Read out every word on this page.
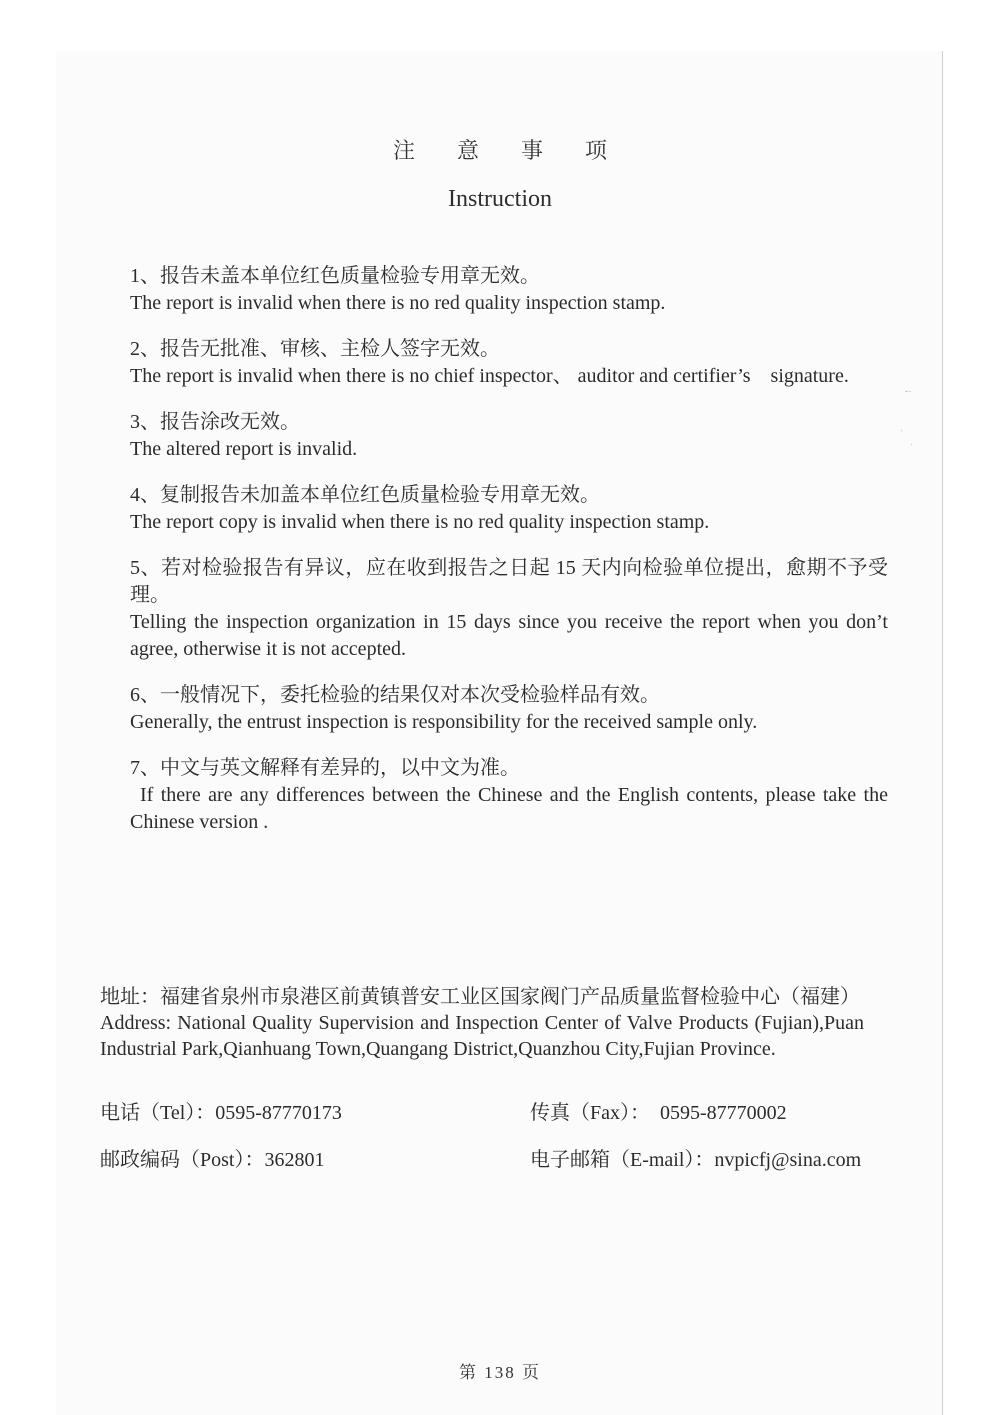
注意事项
Instruction

1、报告未盖本单位红色质量检验专用章无效。

The report is invalid when there is no red quality inspection stamp.

2、报告无批准、审核、主检人签字无效。

The report is invalid when there is no chief inspector、 auditor and certifier’s    signature.

3、报告涂改无效。

The altered report is invalid.

4、复制报告未加盖本单位红色质量检验专用章无效。

The report copy is invalid when there is no red quality inspection stamp.

5、若对检验报告有异议，应在收到报告之日起 15 天内向检验单位提出，愈期不予受理。

Telling the inspection organization in 15 days since you receive the report when you don’t agree, otherwise it is not accepted.

6、一般情况下，委托检验的结果仅对本次受检验样品有效。

Generally, the entrust inspection is responsibility for the received sample only.

7、中文与英文解释有差异的，以中文为准。

If there are any differences between the Chinese and the English contents, please take the Chinese version .

地址：福建省泉州市泉港区前黄镇普安工业区国家阀门产品质量监督检验中心（福建）

Address: National Quality Supervision and Inspection Center of Valve Products (Fujian),Puan Industrial Park,Qianhuang Town,Quangang District,Quanzhou City,Fujian Province.

电话（Tel）：0595-87770173	传真（Fax）：  0595-87770002
邮政编码（Post）：362801	电子邮箱（E-mail）：nvpicfj@sina.com
第 138 页
˘˙
˒
˓
